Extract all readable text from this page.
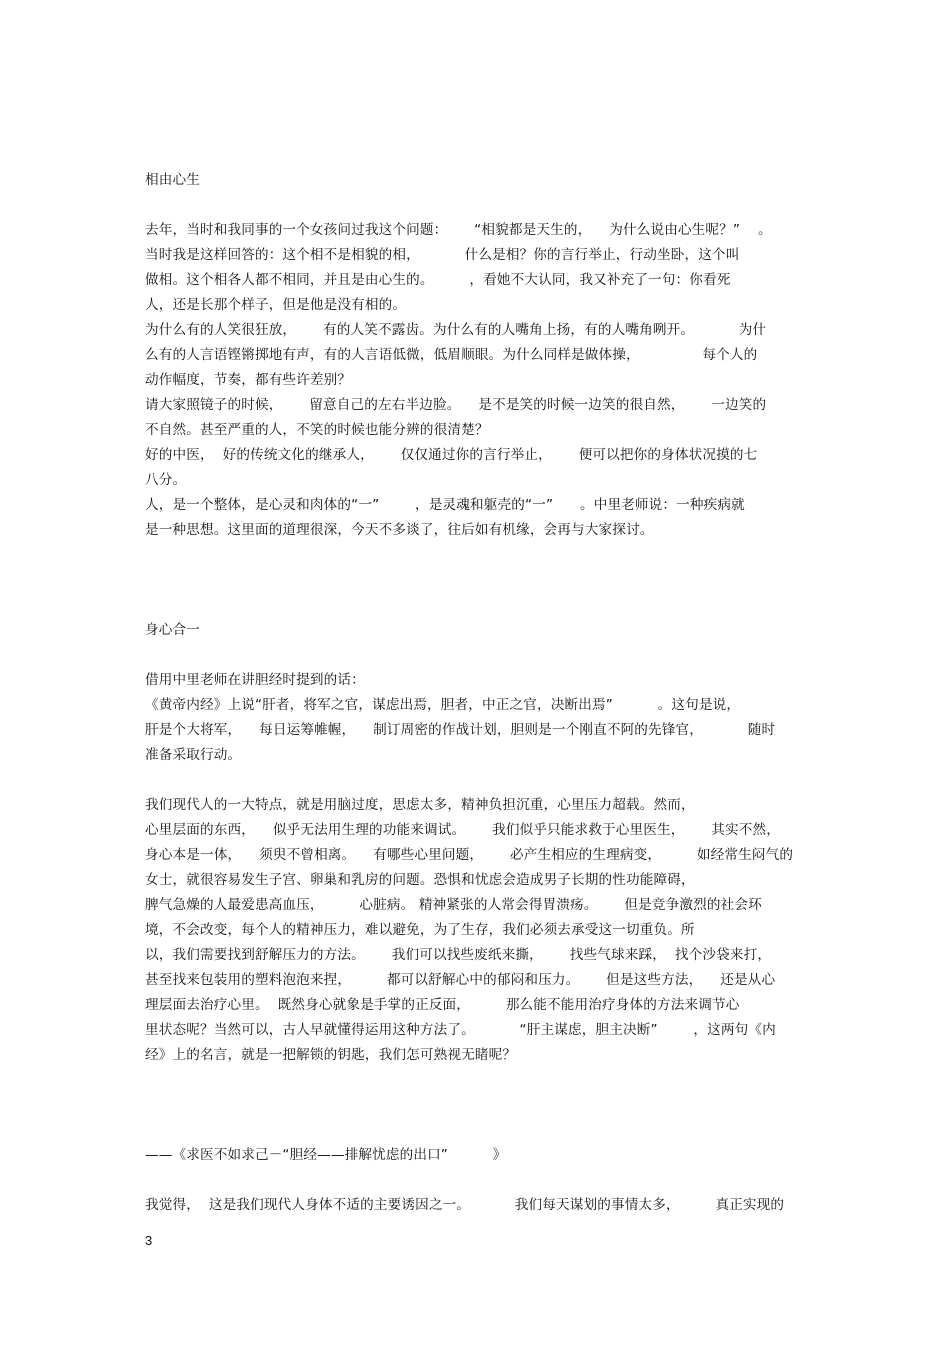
相由心生
去年，当时和我同事的一个女孩问过我这个问题：      “相貌都是天生的，    为什么说由心生呢？”    。
当时我是这样回答的：这个相不是相貌的相，          什么是相？你的言行举止，行动坐卧，这个叫
做相。这个相各人都不相同，并且是由心生的。        ，看她不大认同，我又补充了一句：你看死
人，还是长那个样子，但是他是没有相的。
为什么有的人笑很狂放，      有的人笑不露齿。为什么有的人嘴角上扬，有的人嘴角咧开。          为什
么有的人言语铿锵掷地有声，有的人言语低微，低眉顺眼。为什么同样是做体操，              每个人的
动作幅度，节奏，都有些许差别？
请大家照镜子的时候，      留意自己的左右半边脸。    是不是笑的时候一边笑的很自然，      一边笑的
不自然。甚至严重的人，不笑的时候也能分辨的很清楚？
好的中医，  好的传统文化的继承人，      仅仅通过你的言行举止，      便可以把你的身体状况摸的七
八分。
人，是一个整体，是心灵和肉体的“一”        ，是灵魂和躯壳的“一”      。中里老师说：一种疾病就
是一种思想。这里面的道理很深，今天不多谈了，往后如有机缘，会再与大家探讨。
身心合一
借用中里老师在讲胆经时提到的话：
《黄帝内经》上说“肝者，将军之官，谋虑出焉，胆者，中正之官，决断出焉”          。这句是说，
肝是个大将军，    每日运筹帷幄，    制订周密的作战计划，胆则是一个刚直不阿的先锋官，          随时
准备采取行动。
我们现代人的一大特点，就是用脑过度，思虑太多，精神负担沉重，心里压力超载。然而，
心里层面的东西，    似乎无法用生理的功能来调试。      我们似乎只能求救于心里医生，      其实不然，
身心本是一体，    须臾不曾相离。    有哪些心里问题，      必产生相应的生理病变，        如经常生闷气的
女士，就很容易发生子宫、卵巢和乳房的问题。恐惧和忧虑会造成男子长期的性功能障碍，
脾气急燥的人最爱患高血压，        心脏病。 精神紧张的人常会得胃溃疡。      但是竞争激烈的社会环
境，不会改变，每个人的精神压力，难以避免，为了生存，我们必须去承受这一切重负。所
以，我们需要找到舒解压力的方法。      我们可以找些废纸来撕，      找些气球来踩，  找个沙袋来打，
甚至找来包装用的塑料泡泡来捏，        都可以舒解心中的郁闷和压力。      但是这些方法，    还是从心
理层面去治疗心里。  既然身心就象是手掌的正反面，        那么能不能用治疗身体的方法来调节心
里状态呢？当然可以，古人早就懂得运用这种方法了。          “肝主谋虑，胆主决断”        ，这两句《内
经》上的名言，就是一把解锁的钥匙，我们怎可熟视无睹呢？
——《求医不如求己－“胆经——排解忧虑的出口”          》
我觉得，  这是我们现代人身体不适的主要诱因之一。          我们每天谋划的事情太多，        真正实现的
3
